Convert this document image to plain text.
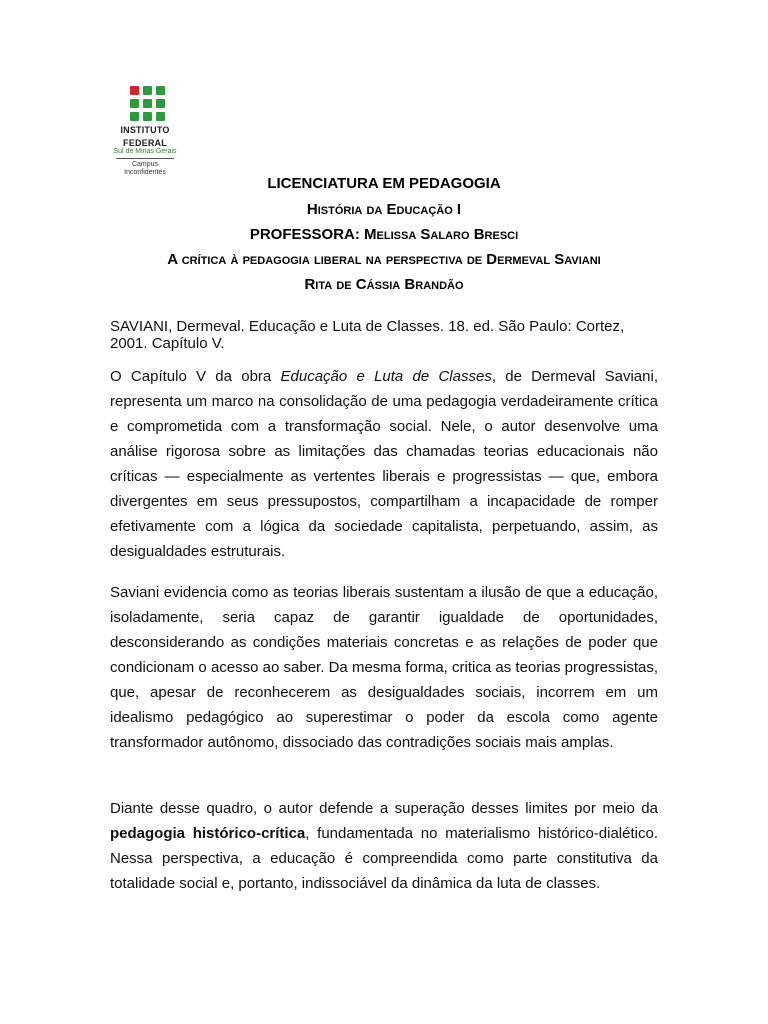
INSTITUTO
FEDERAL
Sul de Minas Gerais
Campus
Inconfidentes
LICENCIATURA EM PEDAGOGIA
História da Educação I
PROFESSORA: Melissa Salaro Bresci
A crítica à pedagogia liberal na perspectiva de Dermeval Saviani
Rita de Cássia Brandão
SAVIANI, Dermeval. Educação e Luta de Classes. 18. ed. São Paulo: Cortez, 2001. Capítulo V.
O Capítulo V da obra Educação e Luta de Classes, de Dermeval Saviani, representa um marco na consolidação de uma pedagogia verdadeiramente crítica e comprometida com a transformação social. Nele, o autor desenvolve uma análise rigorosa sobre as limitações das chamadas teorias educacionais não críticas — especialmente as vertentes liberais e progressistas — que, embora divergentes em seus pressupostos, compartilham a incapacidade de romper efetivamente com a lógica da sociedade capitalista, perpetuando, assim, as desigualdades estruturais.
Saviani evidencia como as teorias liberais sustentam a ilusão de que a educação, isoladamente, seria capaz de garantir igualdade de oportunidades, desconsiderando as condições materiais concretas e as relações de poder que condicionam o acesso ao saber. Da mesma forma, critica as teorias progressistas, que, apesar de reconhecerem as desigualdades sociais, incorrem em um idealismo pedagógico ao superestimar o poder da escola como agente transformador autônomo, dissociado das contradições sociais mais amplas.
Diante desse quadro, o autor defende a superação desses limites por meio da pedagogia histórico-crítica, fundamentada no materialismo histórico-dialético. Nessa perspectiva, a educação é compreendida como parte constitutiva da totalidade social e, portanto, indissociável da dinâmica da luta de classes.
